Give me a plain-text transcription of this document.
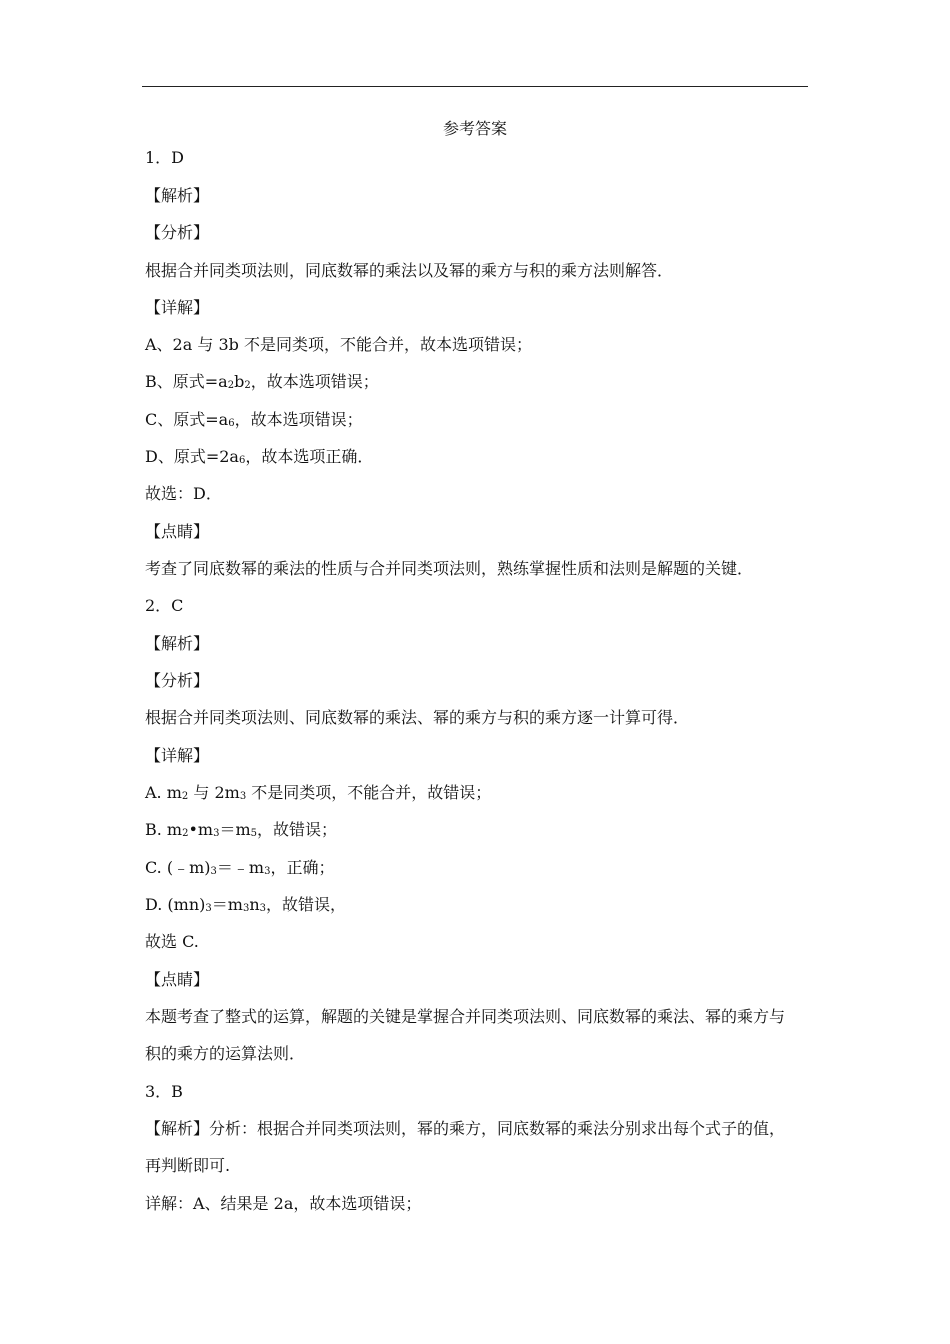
参考答案
1．D
【解析】
【分析】
根据合并同类项法则，同底数幂的乘法以及幂的乘方与积的乘方法则解答．
【详解】
A、2a 与 3b 不是同类项，不能合并，故本选项错误；
B、原式$=a_2b_2$，故本选项错误；
C、原式$=a_6$，故本选项错误；
D、原式$=2a_6$，故本选项正确．
故选：D．
【点睛】
考查了同底数幂的乘法的性质与合并同类项法则，熟练掌握性质和法则是解题的关键．
2．C
【解析】
【分析】
根据合并同类项法则、同底数幂的乘法、幂的乘方与积的乘方逐一计算可得．
【详解】
A. $m_2$ 与 $2m_3$ 不是同类项，不能合并，故错误；
B. $m_2•m_3=m_5$，故错误；
C. $(﹣m)_3=﹣m_3$，正确；
D. $(mn)_3=m_3n_3$，故错误，
故选 C.
【点睛】
本题考查了整式的运算，解题的关键是掌握合并同类项法则、同底数幂的乘法、幂的乘方与
积的乘方的运算法则．
3．B
【解析】分析：根据合并同类项法则，幂的乘方，同底数幂的乘法分别求出每个式子的值，
再判断即可.
详解：A、结果是 2a，故本选项错误；
